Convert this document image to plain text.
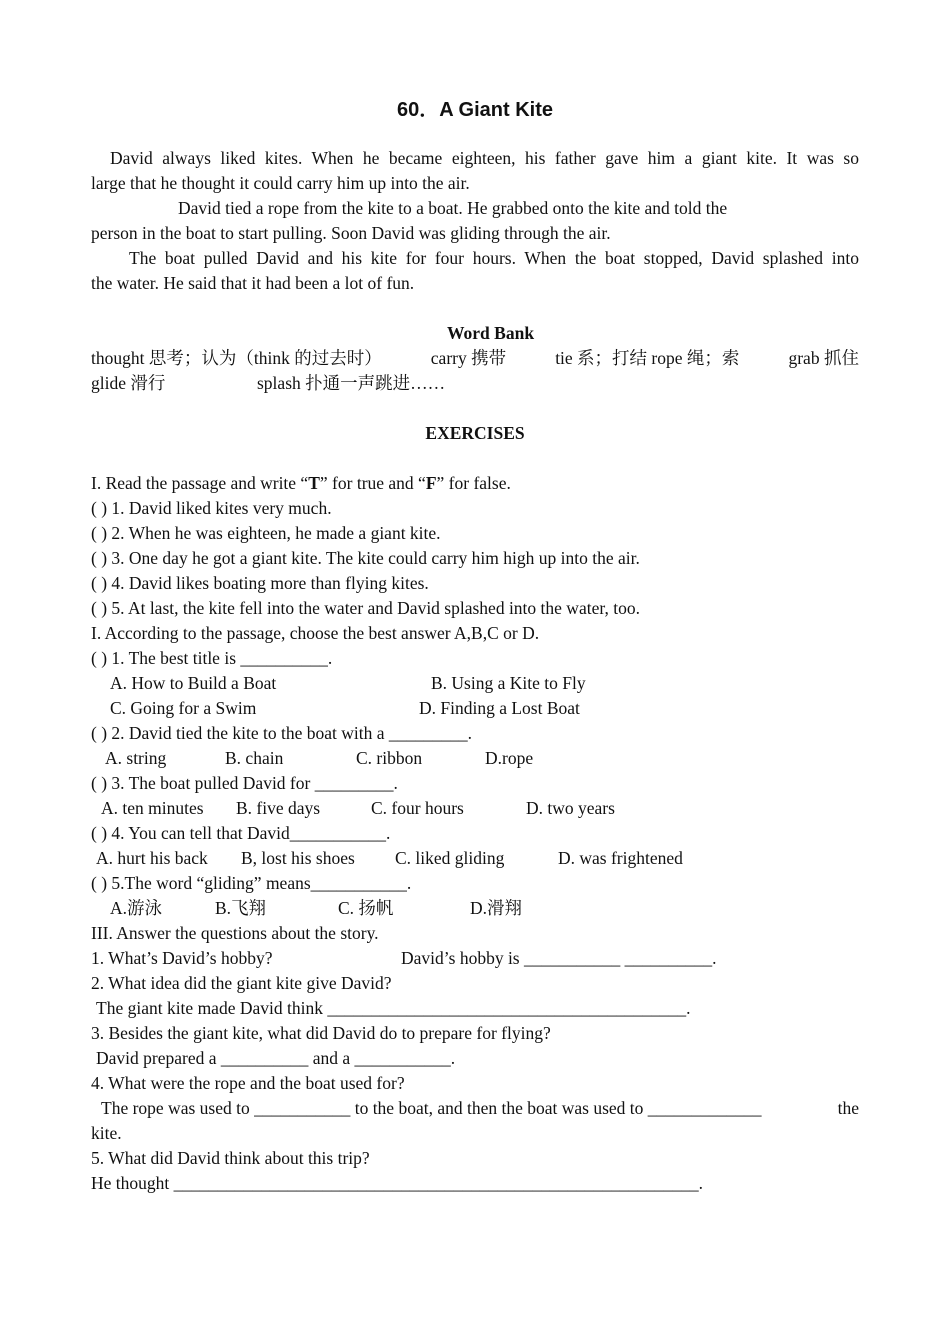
60．A Giant Kite
David always liked kites. When he became eighteen, his father gave him a giant kite. It was so
large that he thought it could carry him up into the air.
David tied a rope from the kite to a boat. He grabbed onto the kite and told the
person in the boat to start pulling. Soon David was gliding through the air.
The boat pulled David and his kite for four hours. When the boat stopped, David splashed into
the water. He said that it had been a lot of fun.
Word Bank
thought 思考；认为（think 的过去时）	carry 携带	tie 系；打结 rope 绳；索	grab 抓住
glide 滑行	splash 扑通一声跳进……
EXERCISES
I. Read the passage and write “T” for true and “F” for false.
( ) 1. David liked kites very much.
( ) 2. When he was eighteen, he made a giant kite.
( ) 3. One day he got a giant kite. The kite could carry him high up into the air.
( ) 4. David likes boating more than flying kites.
( ) 5. At last, the kite fell into the water and David splashed into the water, too.
I. According to the passage, choose the best answer A,B,C or D.
( ) 1. The best title is __________.
A. How to Build a Boat	B. Using a Kite to Fly
C. Going for a Swim	D. Finding a Lost Boat
( ) 2. David tied the kite to the boat with a _________.
A. string	B. chain	C. ribbon	D.rope
( ) 3. The boat pulled David for _________.
A. ten minutes B. five days	C. four hours	D. two years
( ) 4. You can tell that David___________.
A. hurt his back B, lost his shoes C. liked gliding	D. was frightened
( ) 5.The word “gliding” means___________.
A.游泳	B.飞翔	C. 扬帆	D.滑翔
III. Answer the questions about the story.
1. What’s David’s hobby?	David’s hobby is ___________ __________.
2. What idea did the giant kite give David?
The giant kite made David think _________________________________________.
3. Besides the giant kite, what did David do to prepare for flying?
David prepared a __________ and a ___________.
4. What were the rope and the boat used for?
The rope was used to ___________ to the boat, and then the boat was used to _____________	the
kite.
5. What did David think about this trip?
He thought ____________________________________________________________.
